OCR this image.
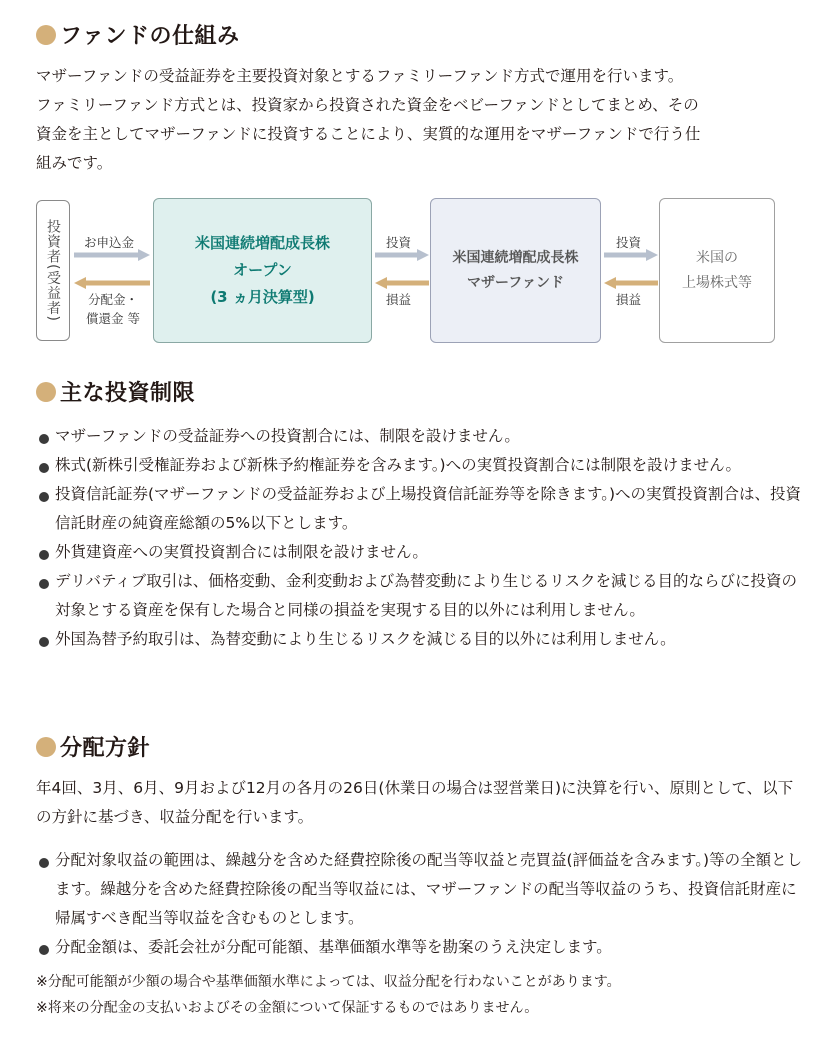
ファンドの仕組み
マザーファンドの受益証券を主要投資対象とするファミリーファンド方式で運用を行います。
ファミリーファンド方式とは、投資家から投資された資金をベビーファンドとしてまとめ、その
資金を主としてマザーファンドに投資することにより、実質的な運用をマザーファンドで行う仕
組みです。
投資者(受益者)	お申込金
分配金・
償還金 等
米国連続増配成長株
オープン
(3 ヵ月決算型)
投資
損益
米国連続増配成長株
マザーファンド
投資
損益
米国の
上場株式等
主な投資制限
マザーファンドの受益証券への投資割合には、制限を設けません。
株式(新株引受権証券および新株予約権証券を含みます。)への実質投資割合には制限を設けません。
投資信託証券(マザーファンドの受益証券および上場投資信託証券等を除きます。)への実質投資割合は、投資信託財産の純資産総額の5%以下とします。
外貨建資産への実質投資割合には制限を設けません。
デリバティブ取引は、価格変動、金利変動および為替変動により生じるリスクを減じる目的ならびに投資の対象とする資産を保有した場合と同様の損益を実現する目的以外には利用しません。
外国為替予約取引は、為替変動により生じるリスクを減じる目的以外には利用しません。
分配方針

年4回、3月、6月、9月および12月の各月の26日(休業日の場合は翌営業日)に決算を行い、原則として、以下の方針に基づき、収益分配を行います。

分配対象収益の範囲は、繰越分を含めた経費控除後の配当等収益と売買益(評価益を含みます。)等の全額とします。繰越分を含めた経費控除後の配当等収益には、マザーファンドの配当等収益のうち、投資信託財産に帰属すべき配当等収益を含むものとします。
分配金額は、委託会社が分配可能額、基準価額水準等を勘案のうえ決定します。
※分配可能額が少額の場合や基準価額水準によっては、収益分配を行わないことがあります。
※将来の分配金の支払いおよびその金額について保証するものではありません。
